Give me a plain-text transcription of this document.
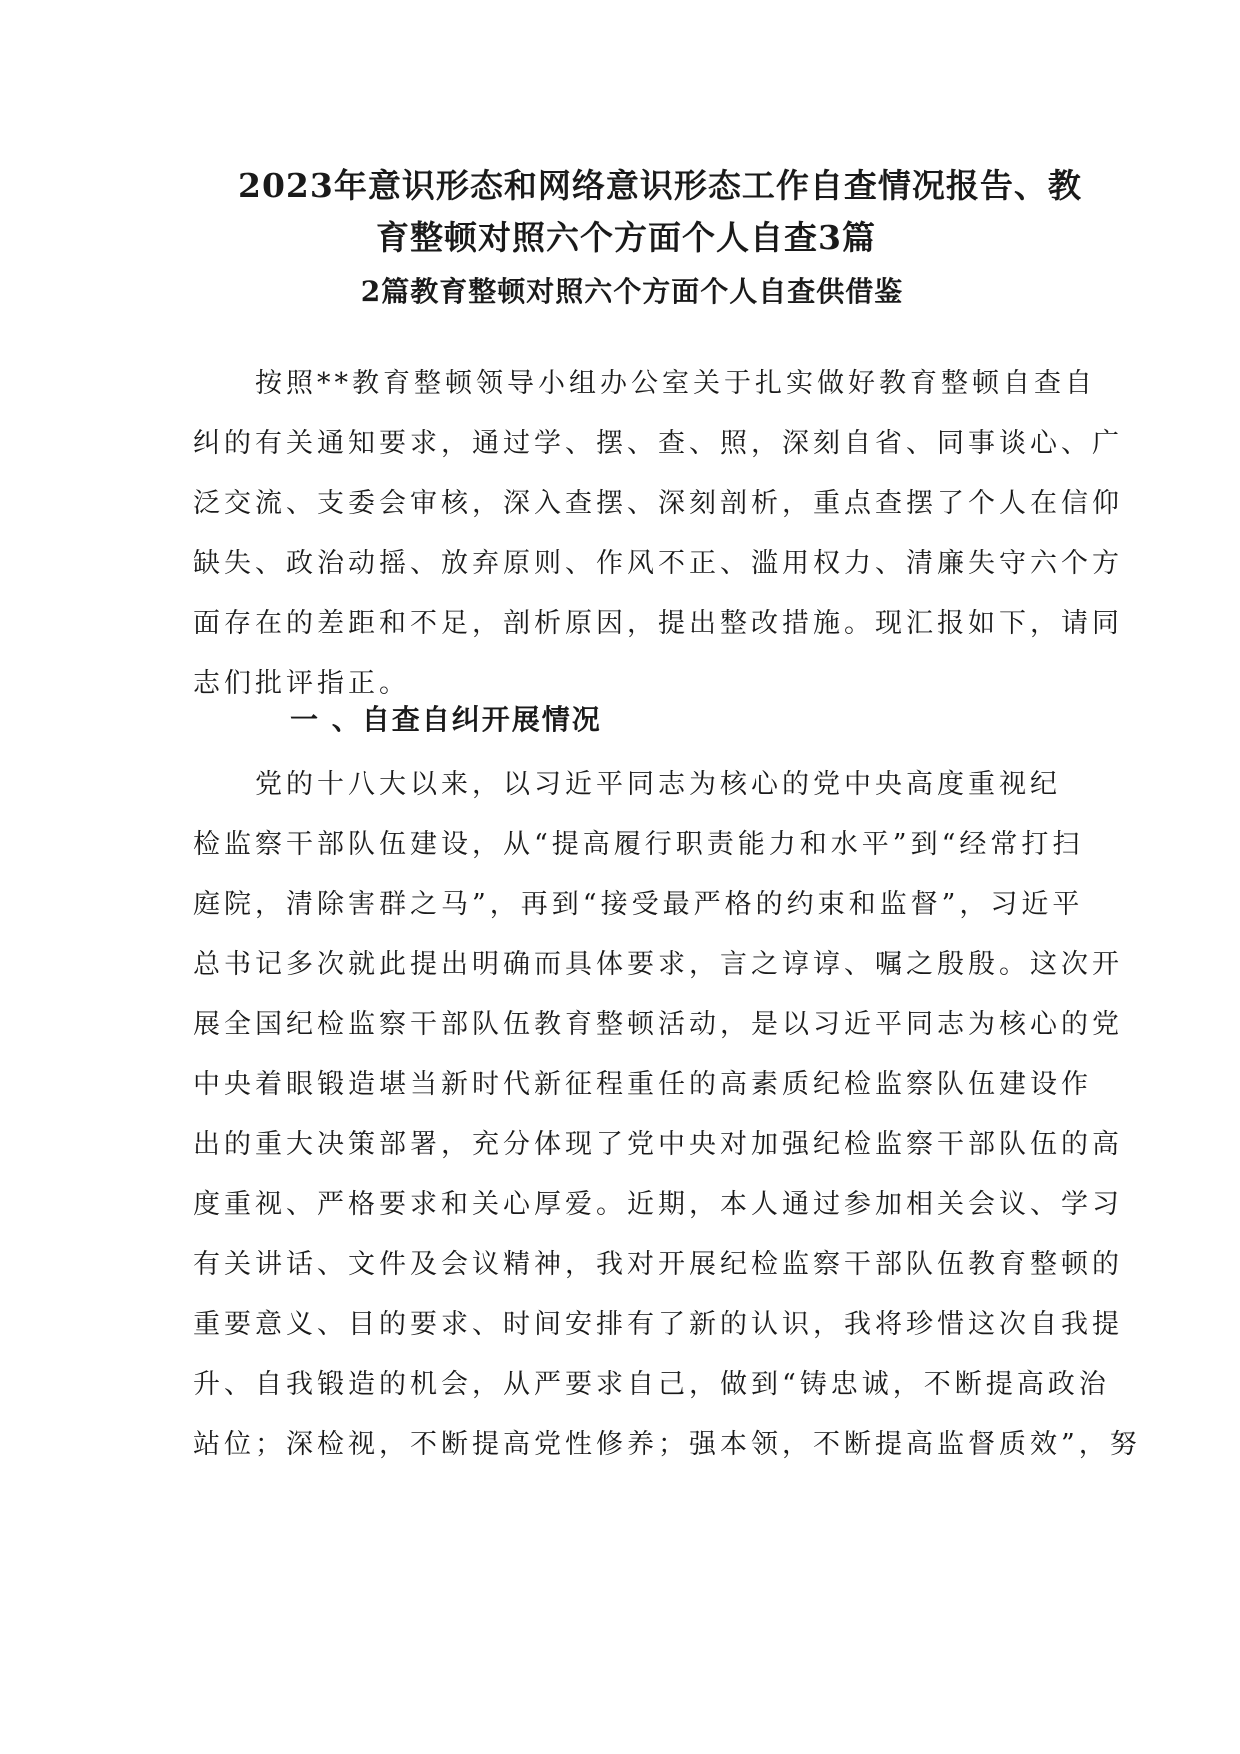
2023年意识形态和网络意识形态工作自查情况报告、教
育整顿对照六个方面个人自查3篇
2篇教育整顿对照六个方面个人自查供借鉴

按照**教育整顿领导小组办公室关于扎实做好教育整顿自查自
纠的有关通知要求，通过学、摆、查、照，深刻自省、同事谈心、广
泛交流、支委会审核，深入查摆、深刻剖析，重点查摆了个人在信仰
缺失、政治动摇、放弃原则、作风不正、滥用权力、清廉失守六个方
面存在的差距和不足，剖析原因，提出整改措施。现汇报如下，请同
志们批评指正。

一 、自查自纠开展情况

党的十八大以来，以习近平同志为核心的党中央高度重视纪
检监察干部队伍建设，从“提高履行职责能力和水平”到“经常打扫
庭院，清除害群之马”，再到“接受最严格的约束和监督”，习近平
总书记多次就此提出明确而具体要求，言之谆谆、嘱之殷殷。这次开
展全国纪检监察干部队伍教育整顿活动，是以习近平同志为核心的党
中央着眼锻造堪当新时代新征程重任的高素质纪检监察队伍建设作
出的重大决策部署，充分体现了党中央对加强纪检监察干部队伍的高
度重视、严格要求和关心厚爱。近期，本人通过参加相关会议、学习
有关讲话、文件及会议精神，我对开展纪检监察干部队伍教育整顿的
重要意义、目的要求、时间安排有了新的认识，我将珍惜这次自我提
升、自我锻造的机会，从严要求自己，做到“铸忠诚，不断提高政治
站位；深检视，不断提高党性修养；强本领，不断提高监督质效”，努
